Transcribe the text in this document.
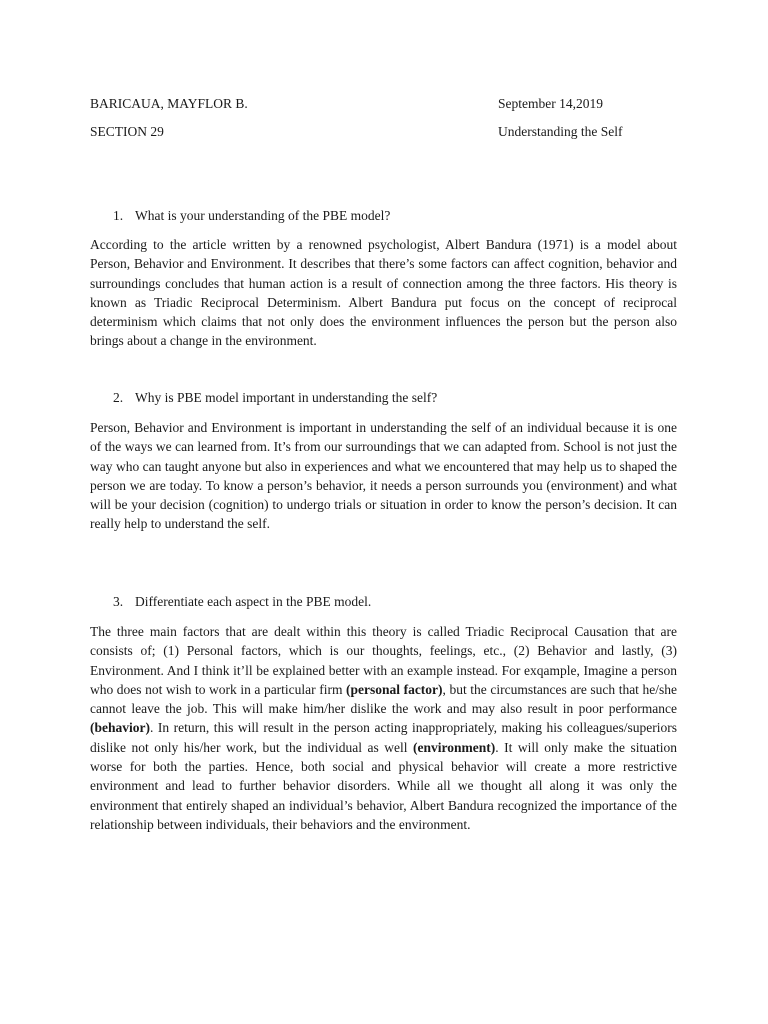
BARICAUA, MAYFLOR B.	September 14,2019
SECTION 29	Understanding the Self
1. What is your understanding of the PBE model?

According to the article written by a renowned psychologist, Albert Bandura (1971) is a model about Person, Behavior and Environment. It describes that there’s some factors can affect cognition, behavior and surroundings concludes that human action is a result of connection among the three factors. His theory is known as Triadic Reciprocal Determinism. Albert Bandura put focus on the concept of reciprocal determinism which claims that not only does the environment influences the person but the person also brings about a change in the environment.

2. Why is PBE model important in understanding the self?

Person, Behavior and Environment is important in understanding the self of an individual because it is one of the ways we can learned from. It’s from our surroundings that we can adapted from. School is not just the way who can taught anyone but also in experiences and what we encountered that may help us to shaped the person we are today. To know a person’s behavior, it needs a person surrounds you (environment) and what will be your decision (cognition) to undergo trials or situation in order to know the person’s decision. It can really help to understand the self.

3. Differentiate each aspect in the PBE model.

The three main factors that are dealt within this theory is called Triadic Reciprocal Causation that are consists of; (1) Personal factors, which is our thoughts, feelings, etc., (2) Behavior and lastly, (3) Environment. And I think it’ll be explained better with an example instead. For exqample, Imagine a person who does not wish to work in a particular firm (personal factor), but the circumstances are such that he/she cannot leave the job. This will make him/her dislike the work and may also result in poor performance (behavior). In return, this will result in the person acting inappropriately, making his colleagues/superiors dislike not only his/her work, but the individual as well (environment). It will only make the situation worse for both the parties. Hence, both social and physical behavior will create a more restrictive environment and lead to further behavior disorders. While all we thought all along it was only the environment that entirely shaped an individual’s behavior, Albert Bandura recognized the importance of the relationship between individuals, their behaviors and the environment.
